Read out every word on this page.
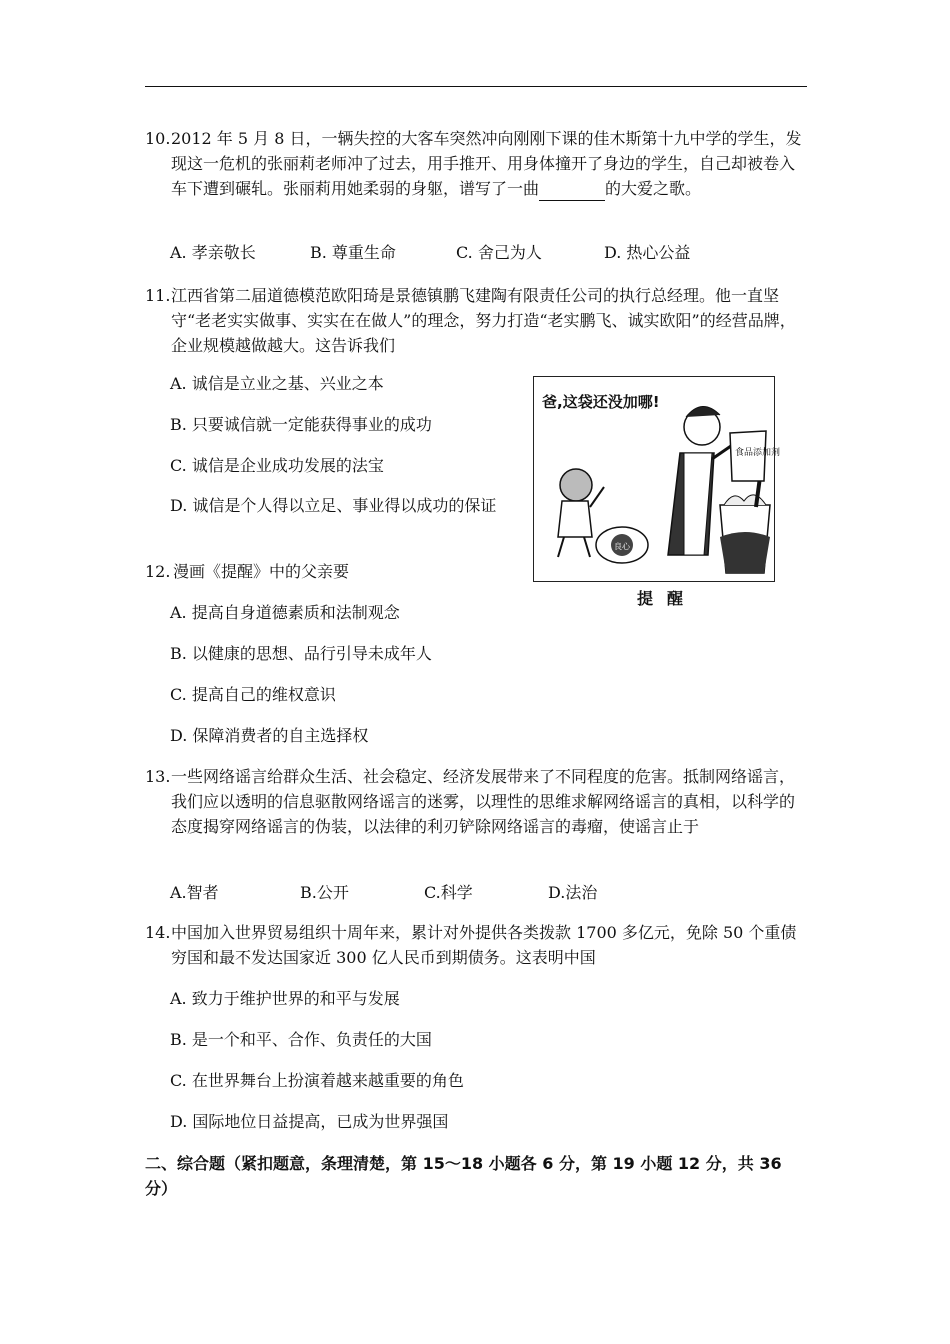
10. 2012 年 5 月 8 日，一辆失控的大客车突然冲向刚刚下课的佳木斯第十九中学的学生，发现这一危机的张丽莉老师冲了过去，用手推开、用身体撞开了身边的学生，自己却被卷入车下遭到碾轧。张丽莉用她柔弱的身躯，谱写了一曲	的大爱之歌。
A. 孝亲敬长	B. 尊重生命	C. 舍己为人	D. 热心公益
11. 江西省第二届道德模范欧阳琦是景德镇鹏飞建陶有限责任公司的执行总经理。他一直坚守“老老实实做事、实实在在做人”的理念，努力打造“老实鹏飞、诚实欧阳”的经营品牌，企业规模越做越大。这告诉我们
A. 诚信是立业之基、兴业之本
B. 只要诚信就一定能获得事业的成功
C. 诚信是企业成功发展的法宝
D. 诚信是个人得以立足、事业得以成功的保证
爸,这袋还没加哪!
良心
食品添加剂
提醒
12. 漫画《提醒》中的父亲要
A. 提高自身道德素质和法制观念
B. 以健康的思想、品行引导未成年人
C. 提高自己的维权意识
D. 保障消费者的自主选择权
13. 一些网络谣言给群众生活、社会稳定、经济发展带来了不同程度的危害。抵制网络谣言，我们应以透明的信息驱散网络谣言的迷雾，以理性的思维求解网络谣言的真相，以科学的态度揭穿网络谣言的伪装，以法律的利刃铲除网络谣言的毒瘤，使谣言止于
A.智者	B.公开	C.科学	D.法治
14. 中国加入世界贸易组织十周年来，累计对外提供各类拨款 1700 多亿元，免除 50 个重债穷国和最不发达国家近 300 亿人民币到期债务。这表明中国
A. 致力于维护世界的和平与发展
B. 是一个和平、合作、负责任的大国
C. 在世界舞台上扮演着越来越重要的角色
D. 国际地位日益提高，已成为世界强国
二、综合题（紧扣题意，条理清楚，第 15～18 小题各 6 分，第 19 小题 12 分，共 36 分）
